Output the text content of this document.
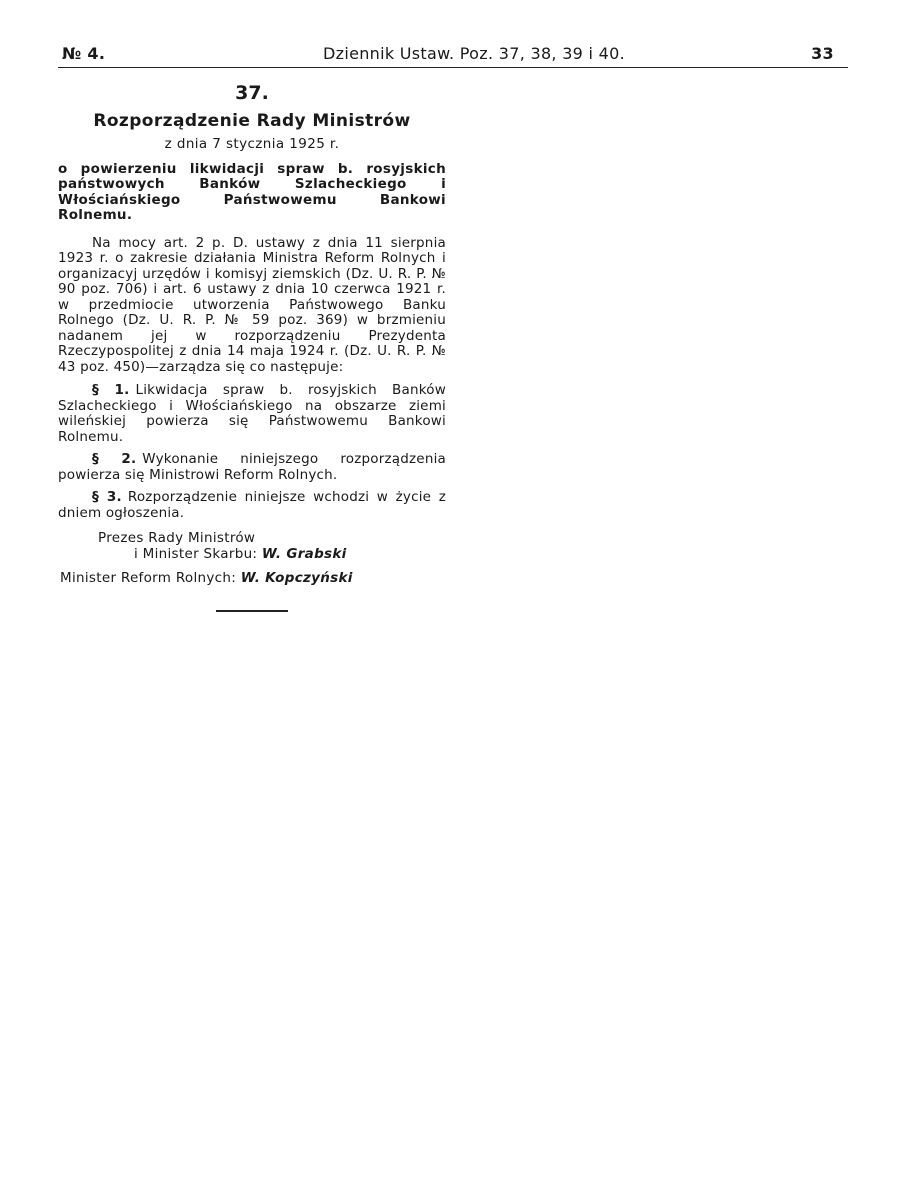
№ 4.	Dziennik Ustaw. Poz. 37, 38, 39 i 40.	33
37.
Rozporządzenie Rady Ministrów
z dnia 7 stycznia 1925 r.
o powierzeniu likwidacji spraw b. rosyjskich państwowych Banków Szlacheckiego i Włościańskiego Państwowemu Bankowi Rolnemu.

Na mocy art. 2 p. D. ustawy z dnia 11 sierpnia 1923 r. o zakresie działania Ministra Reform Rolnych i organizacyj urzędów i komisyj ziemskich (Dz. U. R. P. № 90 poz. 706) i art. 6 ustawy z dnia 10 czerwca 1921 r. w przedmiocie utworzenia Państwowego Banku Rolnego (Dz. U. R. P. № 59 poz. 369) w brzmieniu nadanem jej w rozporządzeniu Prezydenta Rzeczypospolitej z dnia 14 maja 1924 r. (Dz. U. R. P. № 43 poz. 450)—zarządza się co następuje:

§ 1. Likwidacja spraw b. rosyjskich Banków Szlacheckiego i Włościańskiego na obszarze ziemi wileńskiej powierza się Państwowemu Bankowi Rolnemu.

§ 2. Wykonanie niniejszego rozporządzenia powierza się Ministrowi Reform Rolnych.

§ 3. Rozporządzenie niniejsze wchodzi w życie z dniem ogłoszenia.

Prezes Rady Ministrów

i Minister Skarbu: W. Grabski

Minister Reform Rolnych: W. Kopczyński
